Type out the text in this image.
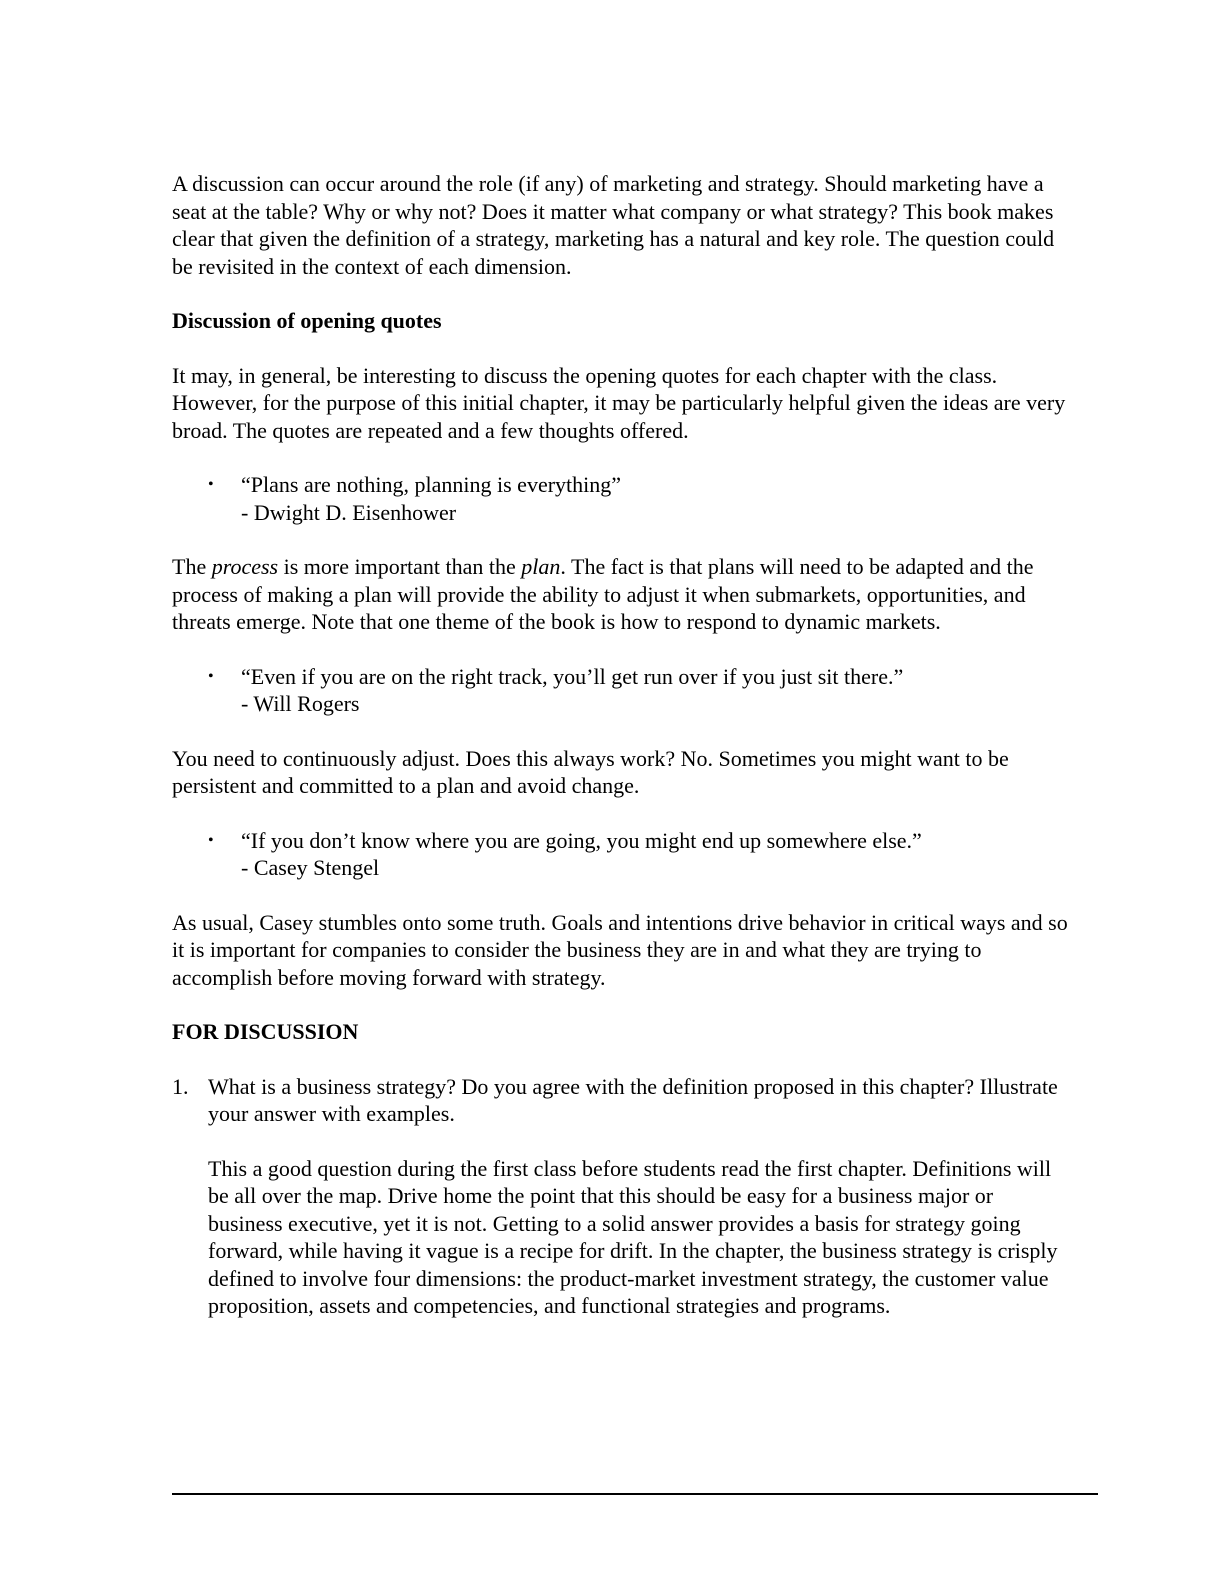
A discussion can occur around the role (if any) of marketing and strategy. Should marketing have a seat at the table? Why or why not? Does it matter what company or what strategy? This book makes clear that given the definition of a strategy, marketing has a natural and key role. The question could be revisited in the context of each dimension.

Discussion of opening quotes

It may, in general, be interesting to discuss the opening quotes for each chapter with the class. However, for the purpose of this initial chapter, it may be particularly helpful given the ideas are very broad. The quotes are repeated and a few thoughts offered.

• “Plans are nothing, planning is everything”
- Dwight D. Eisenhower

The process is more important than the plan. The fact is that plans will need to be adapted and the process of making a plan will provide the ability to adjust it when submarkets, opportunities, and threats emerge. Note that one theme of the book is how to respond to dynamic markets.

• “Even if you are on the right track, you’ll get run over if you just sit there.”
- Will Rogers

You need to continuously adjust. Does this always work? No. Sometimes you might want to be persistent and committed to a plan and avoid change.

• “If you don’t know where you are going, you might end up somewhere else.”
- Casey Stengel

As usual, Casey stumbles onto some truth. Goals and intentions drive behavior in critical ways and so it is important for companies to consider the business they are in and what they are trying to accomplish before moving forward with strategy.

FOR DISCUSSION

1. What is a business strategy? Do you agree with the definition proposed in this chapter? Illustrate your answer with examples.

This a good question during the first class before students read the first chapter. Definitions will be all over the map. Drive home the point that this should be easy for a business major or business executive, yet it is not. Getting to a solid answer provides a basis for strategy going forward, while having it vague is a recipe for drift. In the chapter, the business strategy is crisply defined to involve four dimensions: the product-market investment strategy, the customer value proposition, assets and competencies, and functional strategies and programs.
